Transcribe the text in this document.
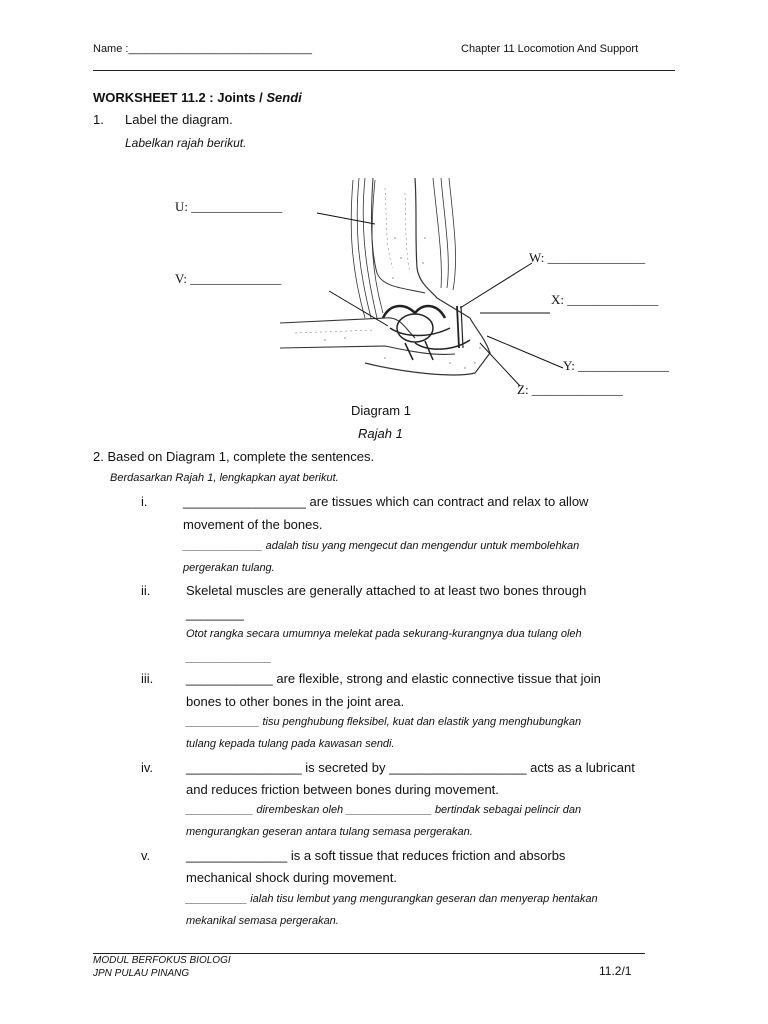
Name :______________________________	Chapter 11 Locomotion And Support
WORKSHEET 11.2 : Joints / Sendi
1. Label the diagram.
Labelkan rajah berikut.
U: ______________
V: ______________
W: _______________
X: ______________
Y: ______________
Z: ______________
Diagram 1
Rajah 1
2. Based on Diagram 1, complete the sentences.
Berdasarkan Rajah 1, lengkapkan ayat berikut.
i.	_________________ are tissues which can contract and relax to allow
movement of the bones.
_____________ adalah tisu yang mengecut dan mengendur untuk membolehkan
pergerakan tulang.
ii.	Skeletal muscles are generally attached to at least two bones through
________
Otot rangka secara umumnya melekat pada sekurang-kurangnya dua tulang oleh
______________
iii.	____________ are flexible, strong and elastic connective tissue that join
bones to other bones in the joint area.
____________ tisu penghubung fleksibel, kuat dan elastik yang menghubungkan
tulang kepada tulang pada kawasan sendi.
iv.	________________ is secreted by ___________________ acts as a lubricant
and reduces friction between bones during movement.
___________ dirembeskan oleh ______________ bertindak sebagai pelincir dan
mengurangkan geseran antara tulang semasa pergerakan.
v.	______________ is a soft tissue that reduces friction and absorbs
mechanical shock during movement.
__________ ialah tisu lembut yang mengurangkan geseran dan menyerap hentakan
mekanikal semasa pergerakan.
MODUL BERFOKUS BIOLOGI
JPN PULAU PINANG	11.2/1
